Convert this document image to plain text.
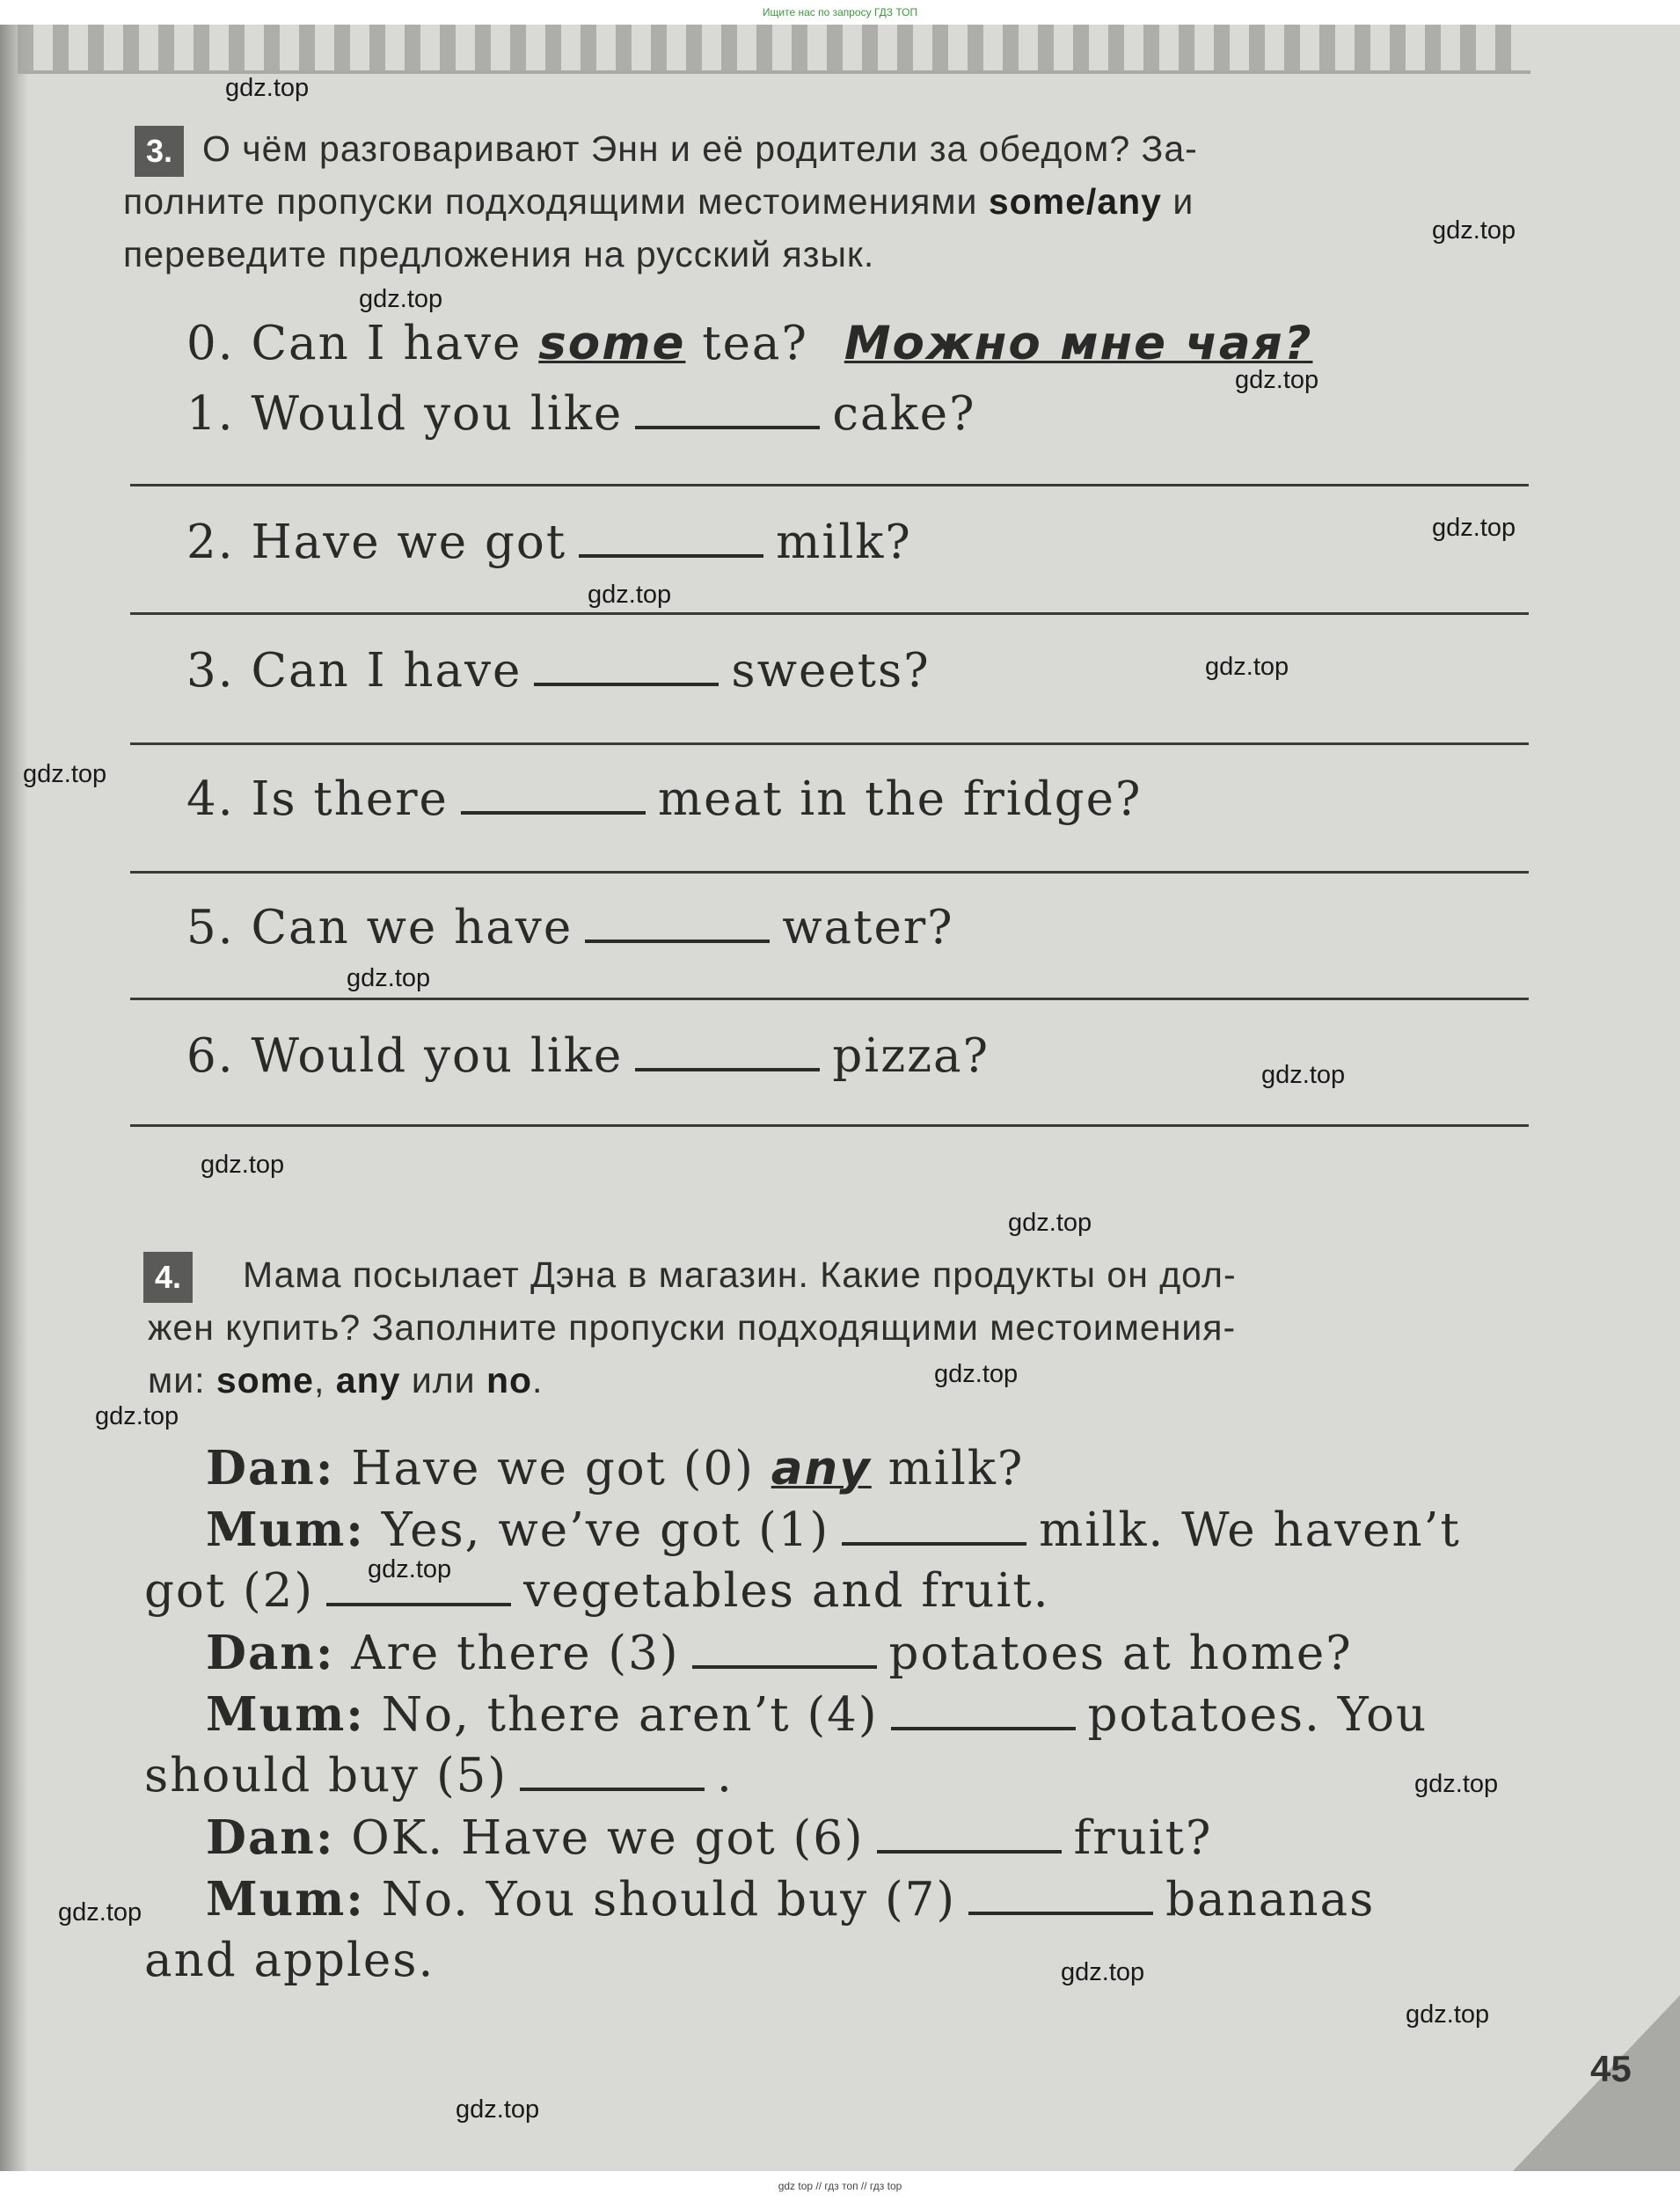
Ищите нас по запросу ГДЗ ТОП
3. О чём разговаривают Энн и её родители за обедом? За-
полните пропуски подходящими местоимениями some/any и
переведите предложения на русский язык.
0. Can I have some tea? Можно мне чая?
1. Would you like	cake?
2. Have we got	milk?
3. Can I have	sweets?
4. Is there	meat in the fridge?
5. Can we have	water?
6. Would you like	pizza?
4.	Мама посылает Дэна в магазин. Какие продукты он дол-
жен купить? Заполните пропуски подходящими местоимения-
ми: some, any или no.
Dan: Have we got (0) any milk?
Mum: Yes, we’ve got (1)	milk. We haven’t
got (2)	vegetables and fruit.
Dan: Are there (3)	potatoes at home?
Mum: No, there aren’t (4)	potatoes. You
should buy (5)	.
Dan: OK. Have we got (6)	fruit?
Mum: No. You should buy (7)	bananas
and apples.
45
gdz.top
gdz.top
gdz.top
gdz.top
gdz.top
gdz.top
gdz.top
gdz.top
gdz.top
gdz.top
gdz.top
gdz.top
gdz.top
gdz.top
gdz.top
gdz.top
gdz.top
gdz.top
gdz.top
gdz.top
gdz top // гдз топ // гдз top
